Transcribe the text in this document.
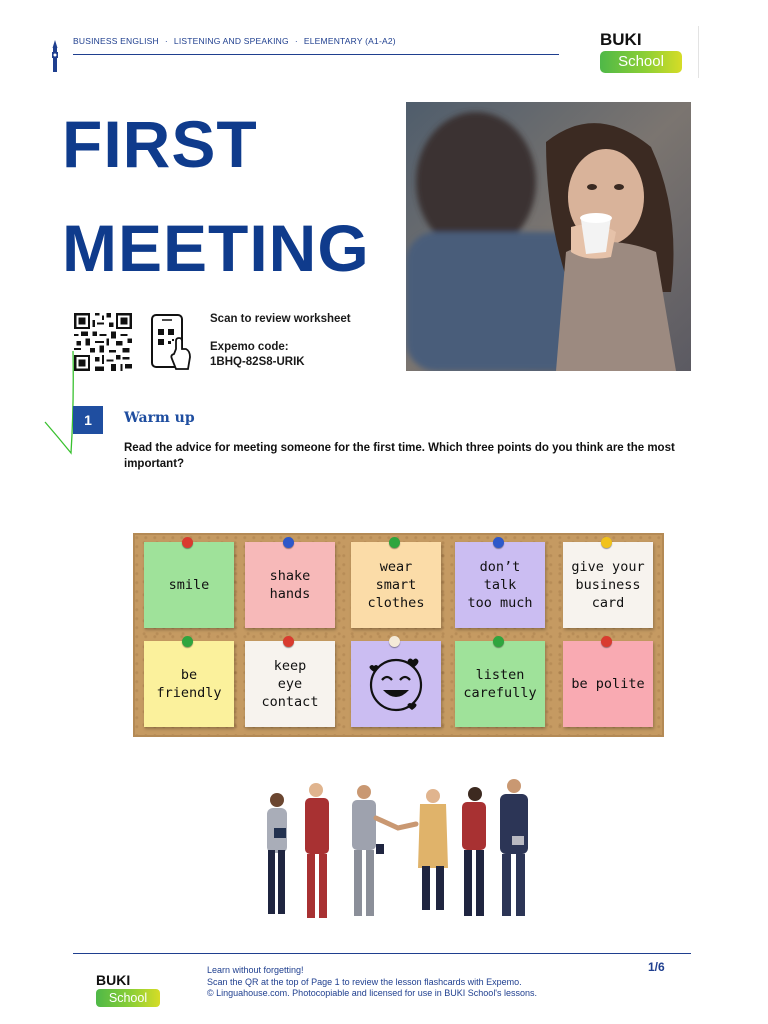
BUSINESS ENGLISH · LISTENING AND SPEAKING · ELEMENTARY (A1-A2)	BUKI
School
FIRST
MEETING
Scan to review worksheet
Expemo code:
1BHQ-82S8-URIK
1	Warm up
Read the advice for meeting someone for the first time. Which three points do you think are the most important?
smile
shake
hands
wear
smart
clothes
don’t
talk
too much
give your
business
card
be
friendly
keep
eye
contact
listen
carefully
be polite
BUKI
School
Learn without forgetting!
Scan the QR at the top of Page 1 to review the lesson flashcards with Expemo.
© Linguahouse.com. Photocopiable and licensed for use in BUKI School's lessons.
1/6
